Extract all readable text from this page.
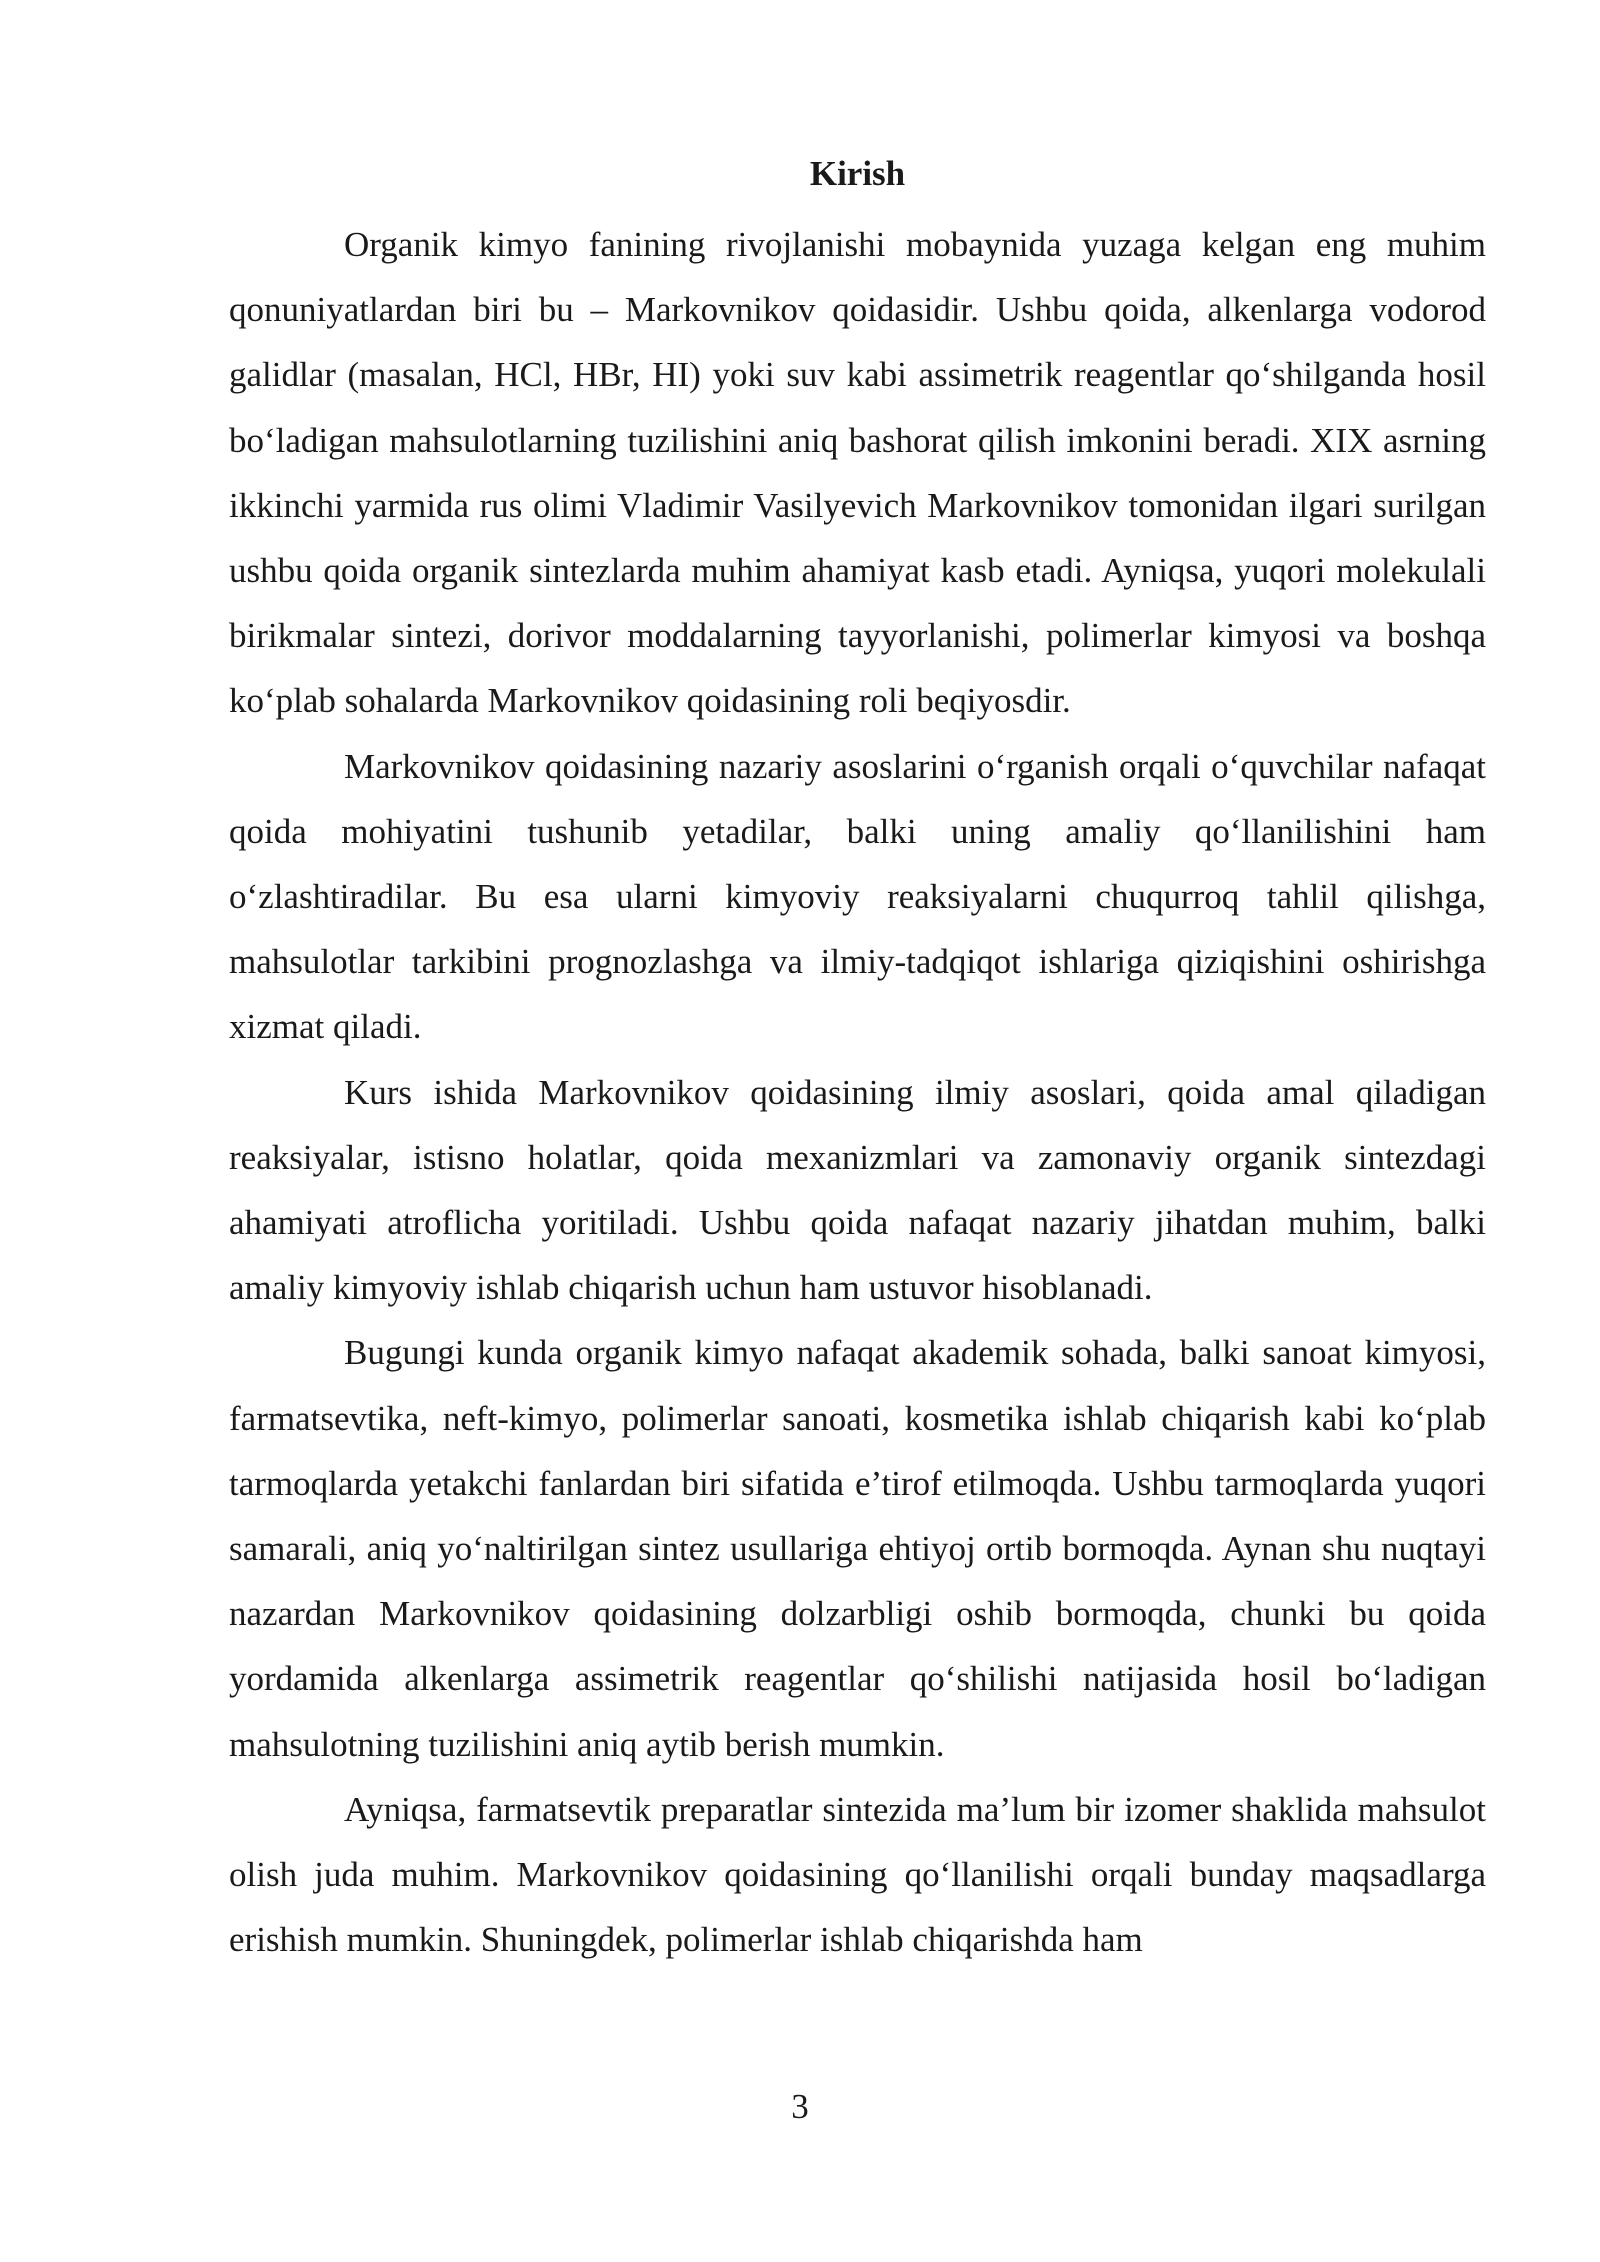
Kirish

Organik kimyo fanining rivojlanishi mobaynida yuzaga kelgan eng muhim qonuniyatlardan biri bu – Markovnikov qoidasidir. Ushbu qoida, alkenlarga vodorod galidlar (masalan, HCl, HBr, HI) yoki suv kabi assimetrik reagentlar qo‘shilganda hosil bo‘ladigan mahsulotlarning tuzilishini aniq bashorat qilish imkonini beradi. XIX asrning ikkinchi yarmida rus olimi Vladimir Vasilyevich Markovnikov tomonidan ilgari surilgan ushbu qoida organik sintezlarda muhim ahamiyat kasb etadi. Ayniqsa, yuqori molekulali birikmalar sintezi, dorivor moddalarning tayyorlanishi, polimerlar kimyosi va boshqa ko‘plab sohalarda Markovnikov qoidasining roli beqiyosdir.

Markovnikov qoidasining nazariy asoslarini o‘rganish orqali o‘quvchilar nafaqat qoida mohiyatini tushunib yetadilar, balki uning amaliy qo‘llanilishini ham o‘zlashtiradilar. Bu esa ularni kimyoviy reaksiyalarni chuqurroq tahlil qilishga, mahsulotlar tarkibini prognozlashga va ilmiy-tadqiqot ishlariga qiziqishini oshirishga xizmat qiladi.

Kurs ishida Markovnikov qoidasining ilmiy asoslari, qoida amal qiladigan reaksiyalar, istisno holatlar, qoida mexanizmlari va zamonaviy organik sintezdagi ahamiyati atroflicha yoritiladi. Ushbu qoida nafaqat nazariy jihatdan muhim, balki amaliy kimyoviy ishlab chiqarish uchun ham ustuvor hisoblanadi.

Bugungi kunda organik kimyo nafaqat akademik sohada, balki sanoat kimyosi, farmatsevtika, neft-kimyo, polimerlar sanoati, kosmetika ishlab chiqarish kabi ko‘plab tarmoqlarda yetakchi fanlardan biri sifatida e’tirof etilmoqda. Ushbu tarmoqlarda yuqori samarali, aniq yo‘naltirilgan sintez usullariga ehtiyoj ortib bormoqda. Aynan shu nuqtayi nazardan Markovnikov qoidasining dolzarbligi oshib bormoqda, chunki bu qoida yordamida alkenlarga assimetrik reagentlar qo‘shilishi natijasida hosil bo‘ladigan mahsulotning tuzilishini aniq aytib berish mumkin.

Ayniqsa, farmatsevtik preparatlar sintezida ma’lum bir izomer shaklida mahsulot olish juda muhim. Markovnikov qoidasining qo‘llanilishi orqali bunday maqsadlarga erishish mumkin. Shuningdek, polimerlar ishlab chiqarishda ham

3
